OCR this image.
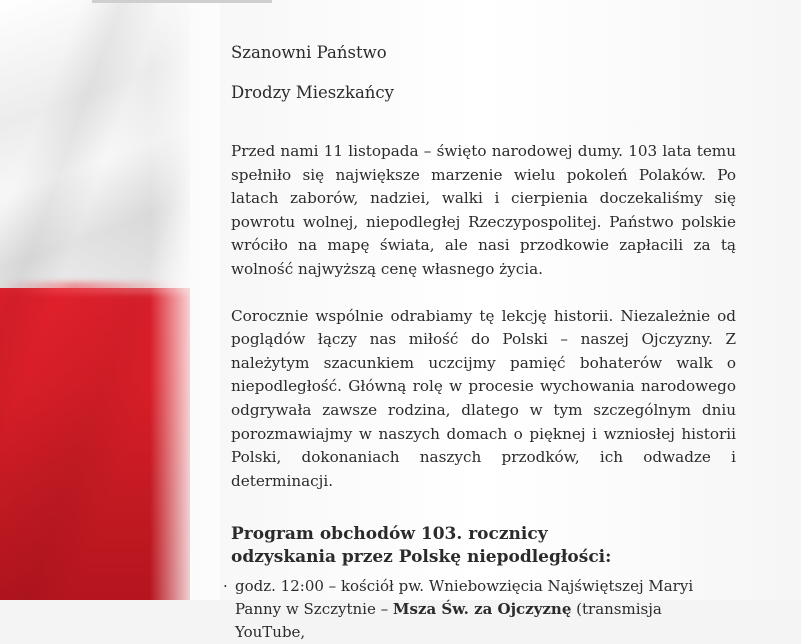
Szanowni Państwo

Drodzy Mieszkańcy

Przed nami 11 listopada – święto narodowej dumy. 103 lata temu spełniło się największe marzenie wielu pokoleń Polaków. Po latach zaborów, nadziei, walki i cierpienia doczekaliśmy się powrotu wolnej, niepodległej Rzeczypospolitej. Państwo polskie wróciło na mapę świata, ale nasi przodkowie zapłacili za tą wolność najwyższą cenę własnego życia.

Corocznie wspólnie odrabiamy tę lekcję historii. Niezależnie od poglądów łączy nas miłość do Polski – naszej Ojczyzny. Z należytym szacunkiem uczcijmy pamięć bohaterów walk o niepodległość. Główną rolę w procesie wychowania narodowego odgrywała zawsze rodzina, dlatego w tym szczególnym dniu porozmawiajmy w naszych domach o pięknej i wzniosłej historii Polski, dokonaniach naszych przodków, ich odwadze i determinacji.

Program obchodów 103. rocznicy
odzyskania przez Polskę niepodległości:
· godz. 12:00 – kościół pw. Wniebowzięcia Najświętszej Maryi Panny w Szczytnie – Msza Św. za Ojczyznę (transmisja YouTube,
